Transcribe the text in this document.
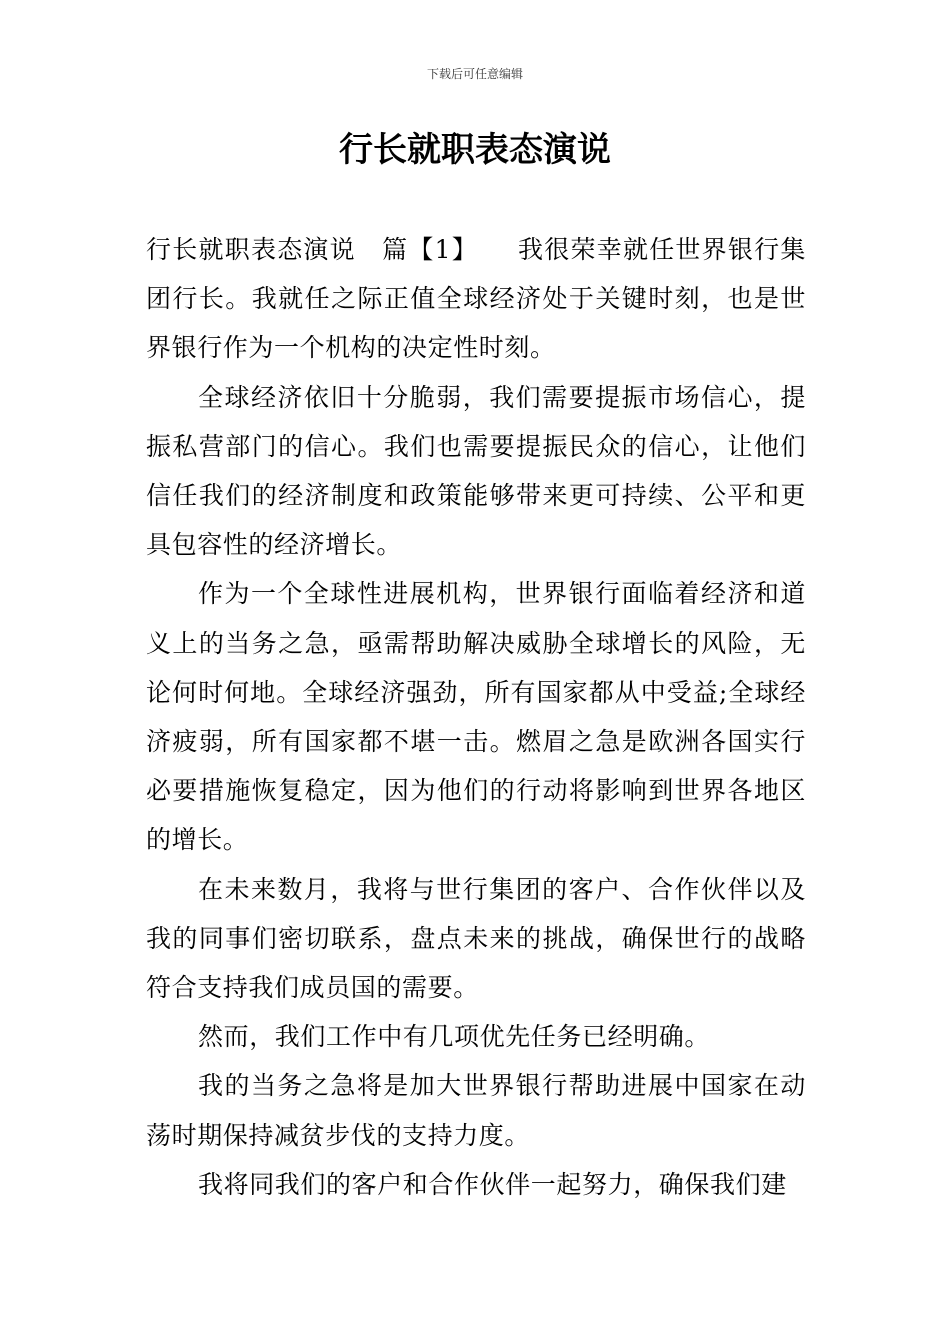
下载后可任意编辑
行长就职表态演说

行长就职表态演说　篇【1】　　我很荣幸就任世界银行集团行长。我就任之际正值全球经济处于关键时刻，也是世界银行作为一个机构的决定性时刻。

全球经济依旧十分脆弱，我们需要提振市场信心，提振私营部门的信心。我们也需要提振民众的信心，让他们信任我们的经济制度和政策能够带来更可持续、公平和更具包容性的经济增长。

作为一个全球性进展机构，世界银行面临着经济和道义上的当务之急，亟需帮助解决威胁全球增长的风险，无论何时何地。全球经济强劲，所有国家都从中受益;全球经济疲弱，所有国家都不堪一击。燃眉之急是欧洲各国实行必要措施恢复稳定，因为他们的行动将影响到世界各地区的增长。

在未来数月，我将与世行集团的客户、合作伙伴以及我的同事们密切联系，盘点未来的挑战，确保世行的战略符合支持我们成员国的需要。

然而，我们工作中有几项优先任务已经明确。

我的当务之急将是加大世界银行帮助进展中国家在动荡时期保持减贫步伐的支持力度。

我将同我们的客户和合作伙伴一起努力，确保我们建
